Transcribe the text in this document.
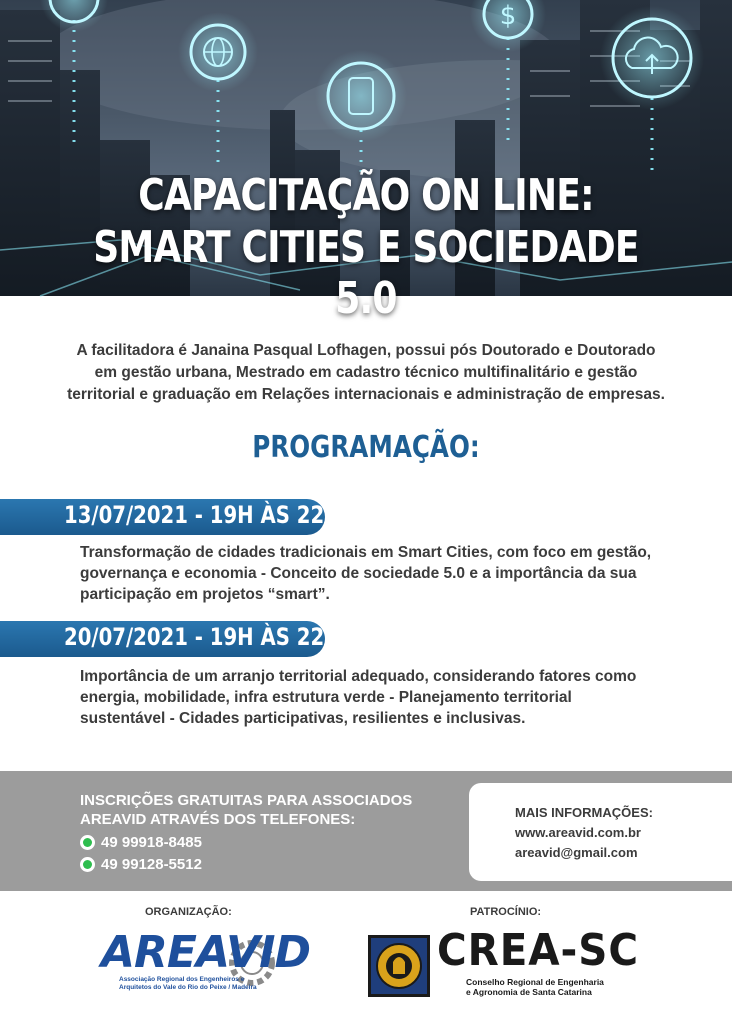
$
CAPACITAÇÃO ON LINE:
SMART CITIES E SOCIEDADE 5.0
A facilitadora é Janaina Pasqual Lofhagen, possui pós Doutorado e Doutorado
em gestão urbana, Mestrado em cadastro técnico multifinalitário e gestão
territorial e graduação em Relações internacionais e administração de empresas.
PROGRAMAÇÃO:
13/07/2021 - 19H ÀS 22H
Transformação de cidades tradicionais em Smart Cities, com foco em gestão,
governança e economia - Conceito de sociedade 5.0 e a importância da sua
participação em projetos “smart”.
20/07/2021 - 19H ÀS 22H
Importância de um arranjo territorial adequado, considerando fatores como
energia, mobilidade, infra estrutura verde - Planejamento territorial
sustentável - Cidades participativas, resilientes e inclusivas.
INSCRIÇÕES GRATUITAS PARA ASSOCIADOS
AREAVID ATRAVÉS DOS TELEFONES:
49 99918-8485
49 99128-5512
MAIS INFORMAÇÕES:
www.areavid.com.br
areavid@gmail.com
ORGANIZAÇÃO:	PATROCÍNIO:
AREAVID
Associação Regional dos Engenheiros e Arquitetos do Vale do Rio do Peixe / Madeira
CREA-SC
Conselho Regional de Engenharia
e Agronomia de Santa Catarina
